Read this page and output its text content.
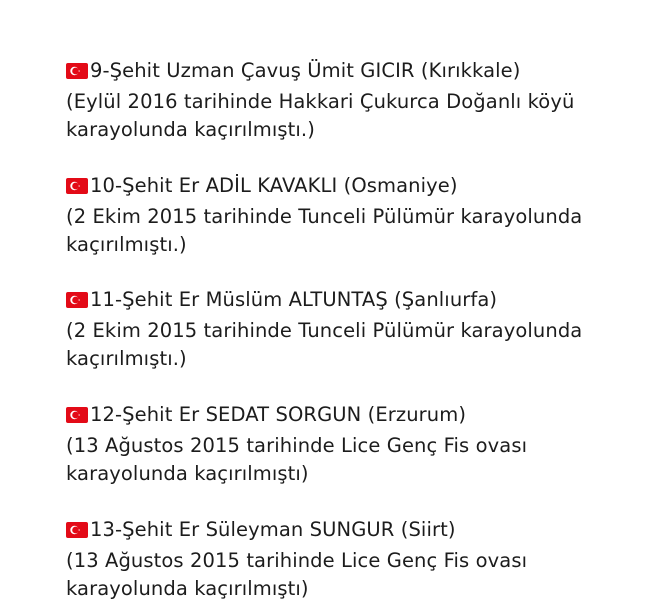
9-Şehit Uzman Çavuş Ümit GICIR (Kırıkkale)
(Eylül 2016 tarihinde Hakkari Çukurca Doğanlı köyü
karayolunda kaçırılmıştı.)
10-Şehit Er ADİL KAVAKLI (Osmaniye)
(2 Ekim 2015 tarihinde Tunceli Pülümür karayolunda
kaçırılmıştı.)
11-Şehit Er Müslüm ALTUNTAŞ (Şanlıurfa)
(2 Ekim 2015 tarihinde Tunceli Pülümür karayolunda
kaçırılmıştı.)
12-Şehit Er SEDAT SORGUN (Erzurum)
(13 Ağustos 2015 tarihinde Lice Genç Fis ovası
karayolunda kaçırılmıştı)
13-Şehit Er Süleyman SUNGUR (Siirt)
(13 Ağustos 2015 tarihinde Lice Genç Fis ovası
karayolunda kaçırılmıştı)
